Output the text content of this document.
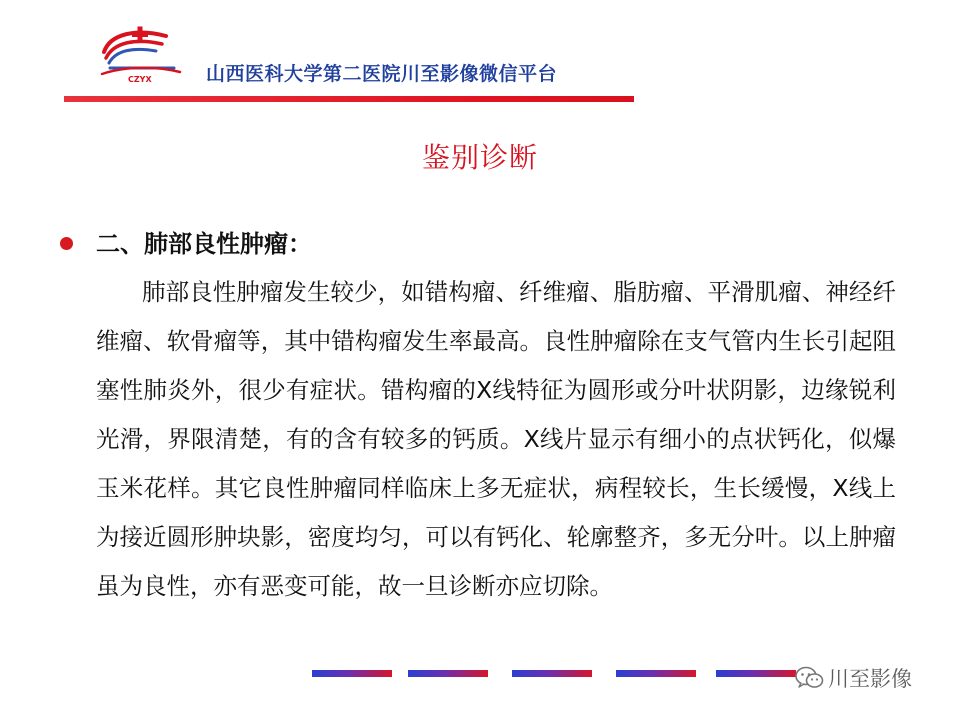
CZYX	山西医科大学第二医院川至影像微信平台
鉴别诊断
二、肺部良性肿瘤：

肺部良性肿瘤发生较少，如错构瘤、纤维瘤、脂肪瘤、平滑肌瘤、神经纤维瘤、软骨瘤等，其中错构瘤发生率最高。良性肿瘤除在支气管内生长引起阻塞性肺炎外，很少有症状。错构瘤的X线特征为圆形或分叶状阴影，边缘锐利光滑，界限清楚，有的含有较多的钙质。X线片显示有细小的点状钙化，似爆玉米花样。其它良性肿瘤同样临床上多无症状，病程较长，生长缓慢，X线上为接近圆形肿块影，密度均匀，可以有钙化、轮廓整齐，多无分叶。以上肿瘤虽为良性，亦有恶变可能，故一旦诊断亦应切除。

川至影像
